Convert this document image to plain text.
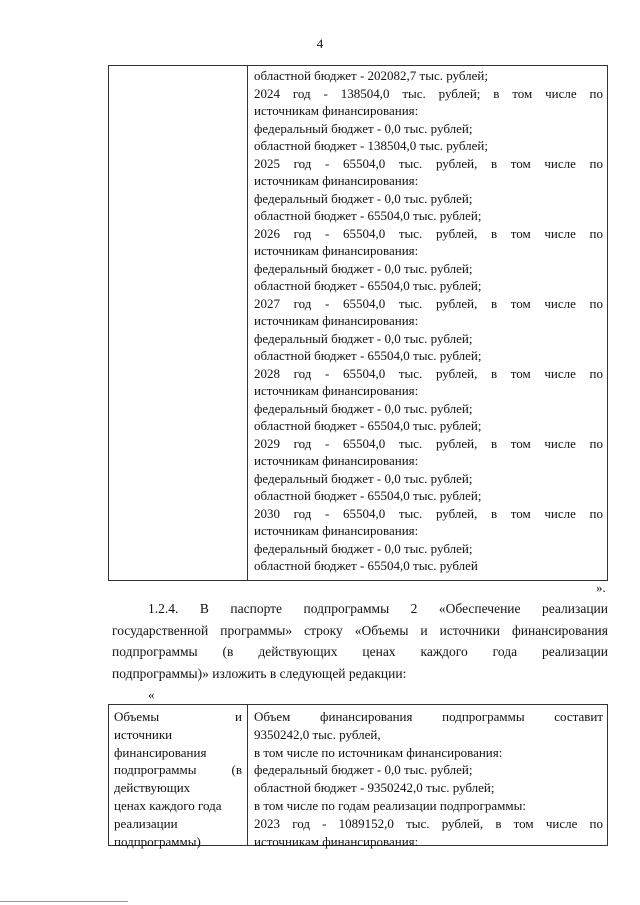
4
областной бюджет - 202082,7 тыс. рублей;
2024 год - 138504,0 тыс. рублей; в том числе по
источникам финансирования:
федеральный бюджет - 0,0 тыс. рублей;
областной бюджет - 138504,0 тыс. рублей;
2025 год - 65504,0 тыс. рублей, в том числе по
источникам финансирования:
федеральный бюджет - 0,0 тыс. рублей;
областной бюджет - 65504,0 тыс. рублей;
2026 год - 65504,0 тыс. рублей, в том числе по
источникам финансирования:
федеральный бюджет - 0,0 тыс. рублей;
областной бюджет - 65504,0 тыс. рублей;
2027 год - 65504,0 тыс. рублей, в том числе по
источникам финансирования:
федеральный бюджет - 0,0 тыс. рублей;
областной бюджет - 65504,0 тыс. рублей;
2028 год - 65504,0 тыс. рублей, в том числе по
источникам финансирования:
федеральный бюджет - 0,0 тыс. рублей;
областной бюджет - 65504,0 тыс. рублей;
2029 год - 65504,0 тыс. рублей, в том числе по
источникам финансирования:
федеральный бюджет - 0,0 тыс. рублей;
областной бюджет - 65504,0 тыс. рублей;
2030 год - 65504,0 тыс. рублей, в том числе по
источникам финансирования:
федеральный бюджет - 0,0 тыс. рублей;
областной бюджет - 65504,0 тыс. рублей
».
1.2.4. В паспорте подпрограммы 2 «Обеспечение реализации
государственной программы» строку «Объемы и источники финансирования
подпрограммы (в действующих ценах каждого года реализации
подпрограммы)» изложить в следующей редакции:
«
Объемы и
источники
финансирования
подпрограммы (в
действующих
ценах каждого года
реализации
подпрограммы)
Объем финансирования подпрограммы составит
9350242,0 тыс. рублей,
в том числе по источникам финансирования:
федеральный бюджет - 0,0 тыс. рублей;
областной бюджет - 9350242,0 тыс. рублей;
в том числе по годам реализации подпрограммы:
2023 год - 1089152,0 тыс. рублей, в том числе по
источникам финансирования:
